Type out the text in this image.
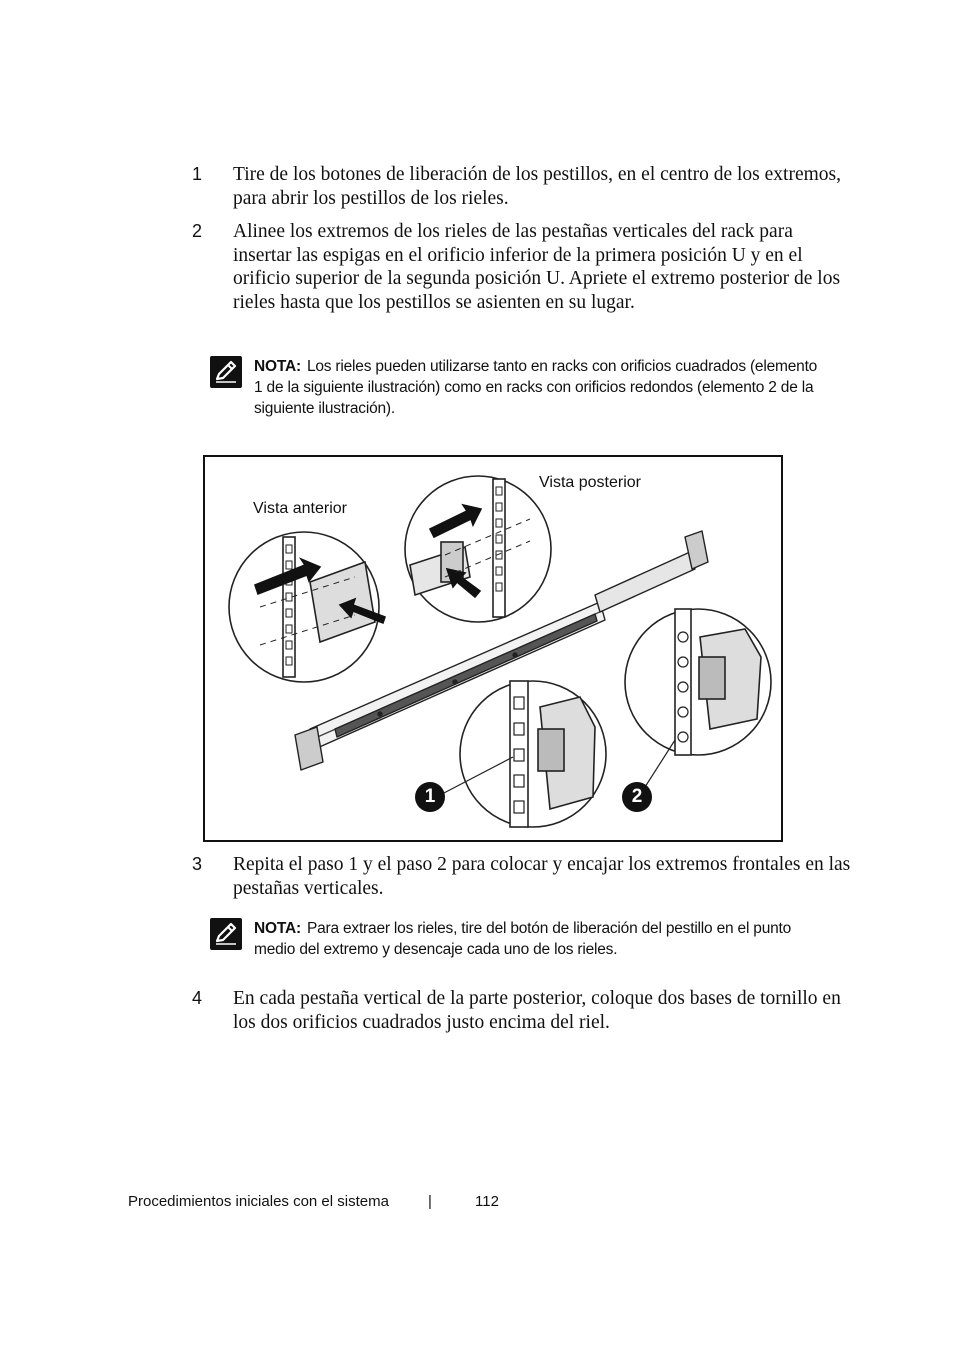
1 Tire de los botones de liberación de los pestillos, en el centro de los extremos, para abrir los pestillos de los rieles.
2 Alinee los extremos de los rieles de las pestañas verticales del rack para insertar las espigas en el orificio inferior de la primera posición U y en el orificio superior de la segunda posición U. Apriete el extremo posterior de los rieles hasta que los pestillos se asienten en su lugar.
NOTA: Los rieles pueden utilizarse tanto en racks con orificios cuadrados (elemento 1 de la siguiente ilustración) como en racks con orificios redondos (elemento 2 de la siguiente ilustración).
Vista anterior
Vista posterior
1	2
3 Repita el paso 1 y el paso 2 para colocar y encajar los extremos frontales en las pestañas verticales.
NOTA: Para extraer los rieles, tire del botón de liberación del pestillo en el punto medio del extremo y desencaje cada uno de los rieles.
4 En cada pestaña vertical de la parte posterior, coloque dos bases de tornillo en los dos orificios cuadrados justo encima del riel.
Procedimientos iniciales con el sistema	|	112
